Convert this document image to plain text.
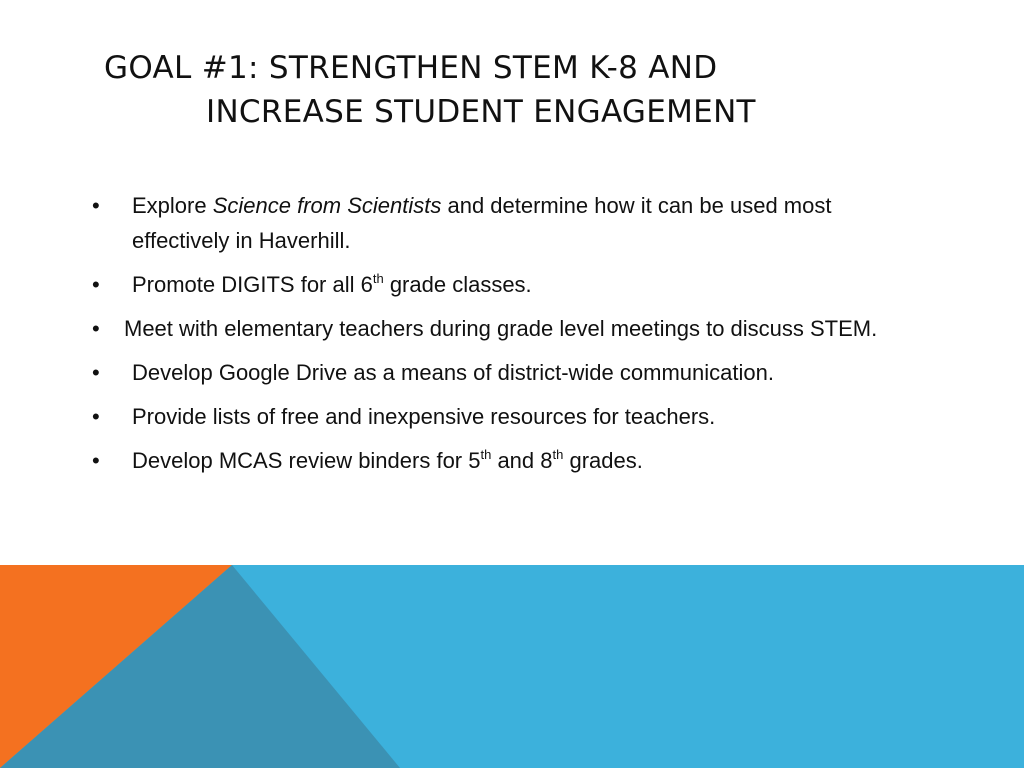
GOAL #1: STRENGTHEN STEM K-8 AND
INCREASE STUDENT ENGAGEMENT
• Explore Science from Scientists and determine how it can be used most effectively in Haverhill.
• Promote DIGITS for all 6th grade classes.
• Meet with elementary teachers during grade level meetings to discuss STEM.
• Develop Google Drive as a means of district-wide communication.
• Provide lists of free and inexpensive resources for teachers.
• Develop MCAS review binders for 5th and 8th grades.
